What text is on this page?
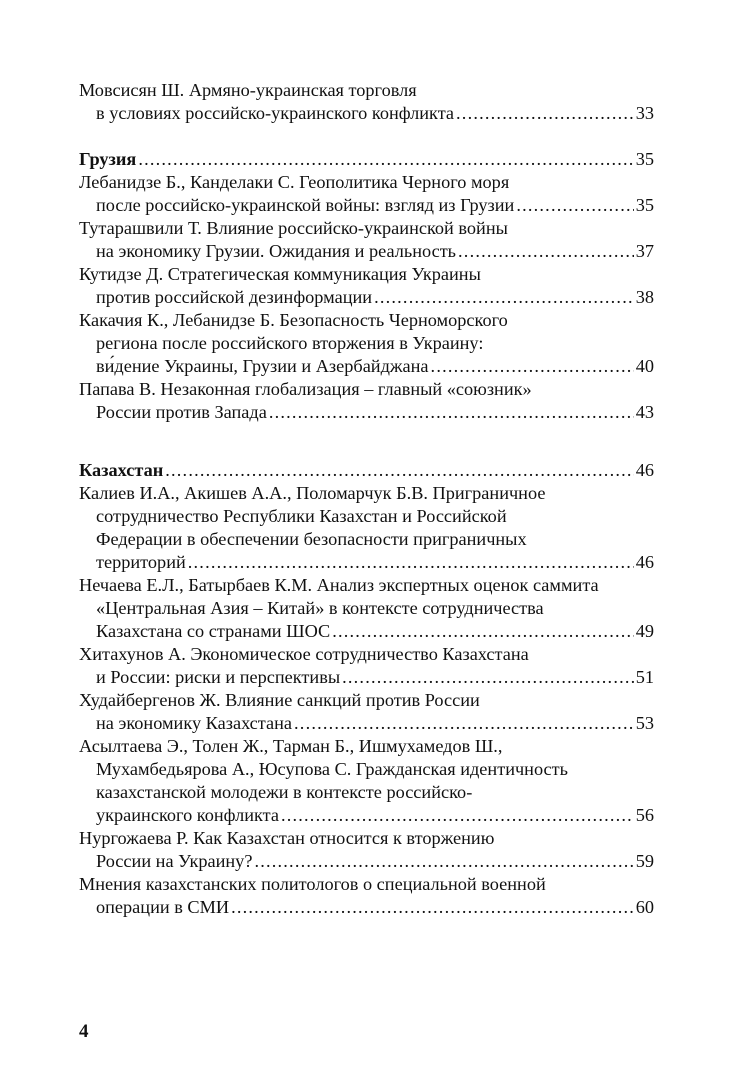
Мовсисян Ш. Армяно-украинская торговля
в условиях российско-украинского конфликта .....	33
Грузия .....	35
Лебанидзе Б., Канделаки С. Геополитика Черного моря
после российско-украинской войны: взгляд из Грузии .....	35
Тутарашвили Т. Влияние российско-украинской войны
на экономику Грузии. Ожидания и реальность .....	37
Кутидзе Д. Стратегическая коммуникация Украины
против российской дезинформации .....	38
Какачия К., Лебанидзе Б. Безопасность Черноморского
региона после российского вторжения в Украину:
ви́дение Украины, Грузии и Азербайджана .....	40
Папава В. Незаконная глобализация – главный «союзник»
России против Запада .....	43
Казахстан .....	46
Калиев И.А., Акишев А.А., Поломарчук Б.В. Приграничное
сотрудничество Республики Казахстан и Российской
Федерации в обеспечении безопасности приграничных
территорий .....	46
Нечаева Е.Л., Батырбаев К.М. Анализ экспертных оценок саммита
«Центральная Азия – Китай» в контексте сотрудничества
Казахстана со странами ШОС .....	49
Хитахунов А. Экономическое сотрудничество Казахстана
и России: риски и перспективы .....	51
Худайбергенов Ж. Влияние санкций против России
на экономику Казахстана .....	53
Асылтаева Э., Толен Ж., Тарман Б., Ишмухамедов Ш.,
Мухамбедьярова А., Юсупова С. Гражданская идентичность
казахстанской молодежи в контексте российско-
украинского конфликта .....	56
Нургожаева Р. Как Казахстан относится к вторжению
России на Украину? .....	59
Мнения казахстанских политологов о специальной военной
операции в СМИ .....	60
4
